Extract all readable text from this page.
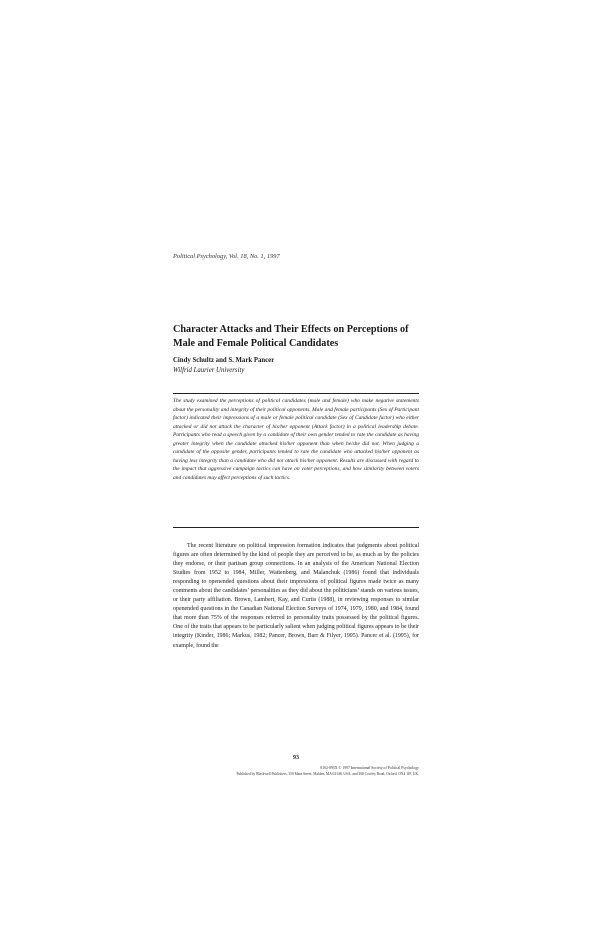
Political Psychology, Vol. 18, No. 1, 1997
Character Attacks and Their Effects on Perceptions of Male and Female Political Candidates
Cindy Schultz and S. Mark Pancer
Wilfrid Laurier University

The study examined the perceptions of political candidates (male and female) who make negative statements about the personality and integrity of their political opponents. Male and female participants (Sex of Participant factor) indicated their impressions of a male or female political candidate (Sex of Candidate factor) who either attacked or did not attack the character of his/her opponent (Attack factor) in a political leadership debate. Participants who read a speech given by a candidate of their own gender tended to rate the candidate as having greater integrity when the candidate attacked his/her opponent than when he/she did not. When judging a candidate of the opposite gender, participants tended to rate the candidate who attacked his/her opponent as having less integrity than a candidate who did not attack his/her opponent. Results are discussed with regard to the impact that aggressive campaign tactics can have on voter perceptions, and how similarity between voters and candidates may affect perceptions of such tactics.

The recent literature on political impression formation indicates that judgments about political figures are often determined by the kind of people they are perceived to be, as much as by the policies they endorse, or their partisan group connections. In an analysis of the American National Election Studies from 1952 to 1984, Miller, Wattenberg, and Malanchuk (1986) found that individuals responding to openended questions about their impressions of political figures made twice as many comments about the candidates’ personalities as they did about the politicians’ stands on various issues, or their party affiliation. Brown, Lambert, Kay, and Curtis (1988), in reviewing responses to similar openended questions in the Canadian National Election Surveys of 1974, 1979, 1980, and 1984, found that more than 75% of the responses referred to personality traits possessed by the political figures. One of the traits that appears to be particularly salient when judging political figures appears to be their integrity (Kinder, 1986; Markus, 1982; Pancer, Brown, Barr & Filyer, 1995). Pancer et al. (1995), for example, found the

93
0162-895X © 1997 International Society of Political Psychology
Published by Blackwell Publishers, 350 Main Street, Malden, MA 02148, USA, and 108 Cowley Road, Oxford, OX4 1JF, UK.
